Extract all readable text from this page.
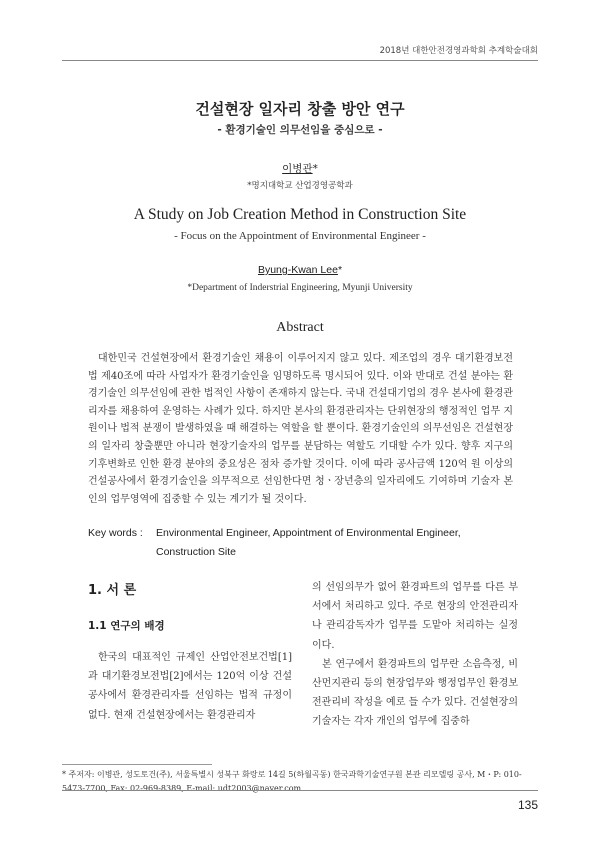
2018년 대한안전경영과학회 추계학술대회
건설현장 일자리 창출 방안 연구
- 환경기술인 의무선임을 중심으로 -
이병관*
*명지대학교 산업경영공학과
A Study on Job Creation Method in Construction Site
- Focus on the Appointment of Environmental Engineer -
Byung-Kwan Lee*
*Department of Inderstrial Engineering, Myunji University
Abstract

대한민국 건설현장에서 환경기술인 채용이 이루어지지 않고 있다. 제조업의 경우 대기환경보전법 제40조에 따라 사업자가 환경기술인을 임명하도록 명시되어 있다. 이와 반대로 건설 분야는 환경기술인 의무선임에 관한 법적인 사항이 존재하지 않는다. 국내 건설대기업의 경우 본사에 환경관리자를 채용하여 운영하는 사례가 있다. 하지만 본사의 환경관리자는 단위현장의 행정적인 업무 지원이나 법적 분쟁이 발생하였을 때 해결하는 역할을 할 뿐이다. 환경기술인의 의무선임은 건설현장의 일자리 창출뿐만 아니라 현장기술자의 업무를 분담하는 역할도 기대할 수가 있다. 향후 지구의 기후변화로 인한 환경 분야의 중요성은 점차 증가할 것이다. 이에 따라 공사금액 120억 원 이상의 건설공사에서 환경기술인을 의무적으로 선임한다면 청ㆍ장년층의 일자리에도 기여하며 기술자 본인의 업무영역에 집중할 수 있는 계기가 될 것이다.

Key words :	Environmental Engineer, Appointment of Environmental Engineer, Construction Site
1. 서 론
1.1 연구의 배경

한국의 대표적인 규제인 산업안전보건법[1]과 대기환경보전법[2]에서는 120억 이상 건설공사에서 환경관리자를 선임하는 법적 규정이 없다. 현재 건설현장에서는 환경관리자

의 선임의무가 없어 환경파트의 업무를 다른 부서에서 처리하고 있다. 주로 현장의 안전관리자나 관리감독자가 업무를 도맡아 처리하는 실정이다.

본 연구에서 환경파트의 업무란 소음측정, 비산먼지관리 등의 현장업무와 행정업무인 환경보전관리비 작성을 예로 들 수가 있다. 건설현장의 기술자는 각자 개인의 업무에 집중하

* 주저자: 이병관, 성도토건(주), 서울특별시 성북구 화랑로 14길 5(하월곡동) 한국과학기술연구원 본관 리모델링 공사, M・P: 010-5473-7700, Fax: 02-969-8389, E-mail: udt2003@naver.com
135
